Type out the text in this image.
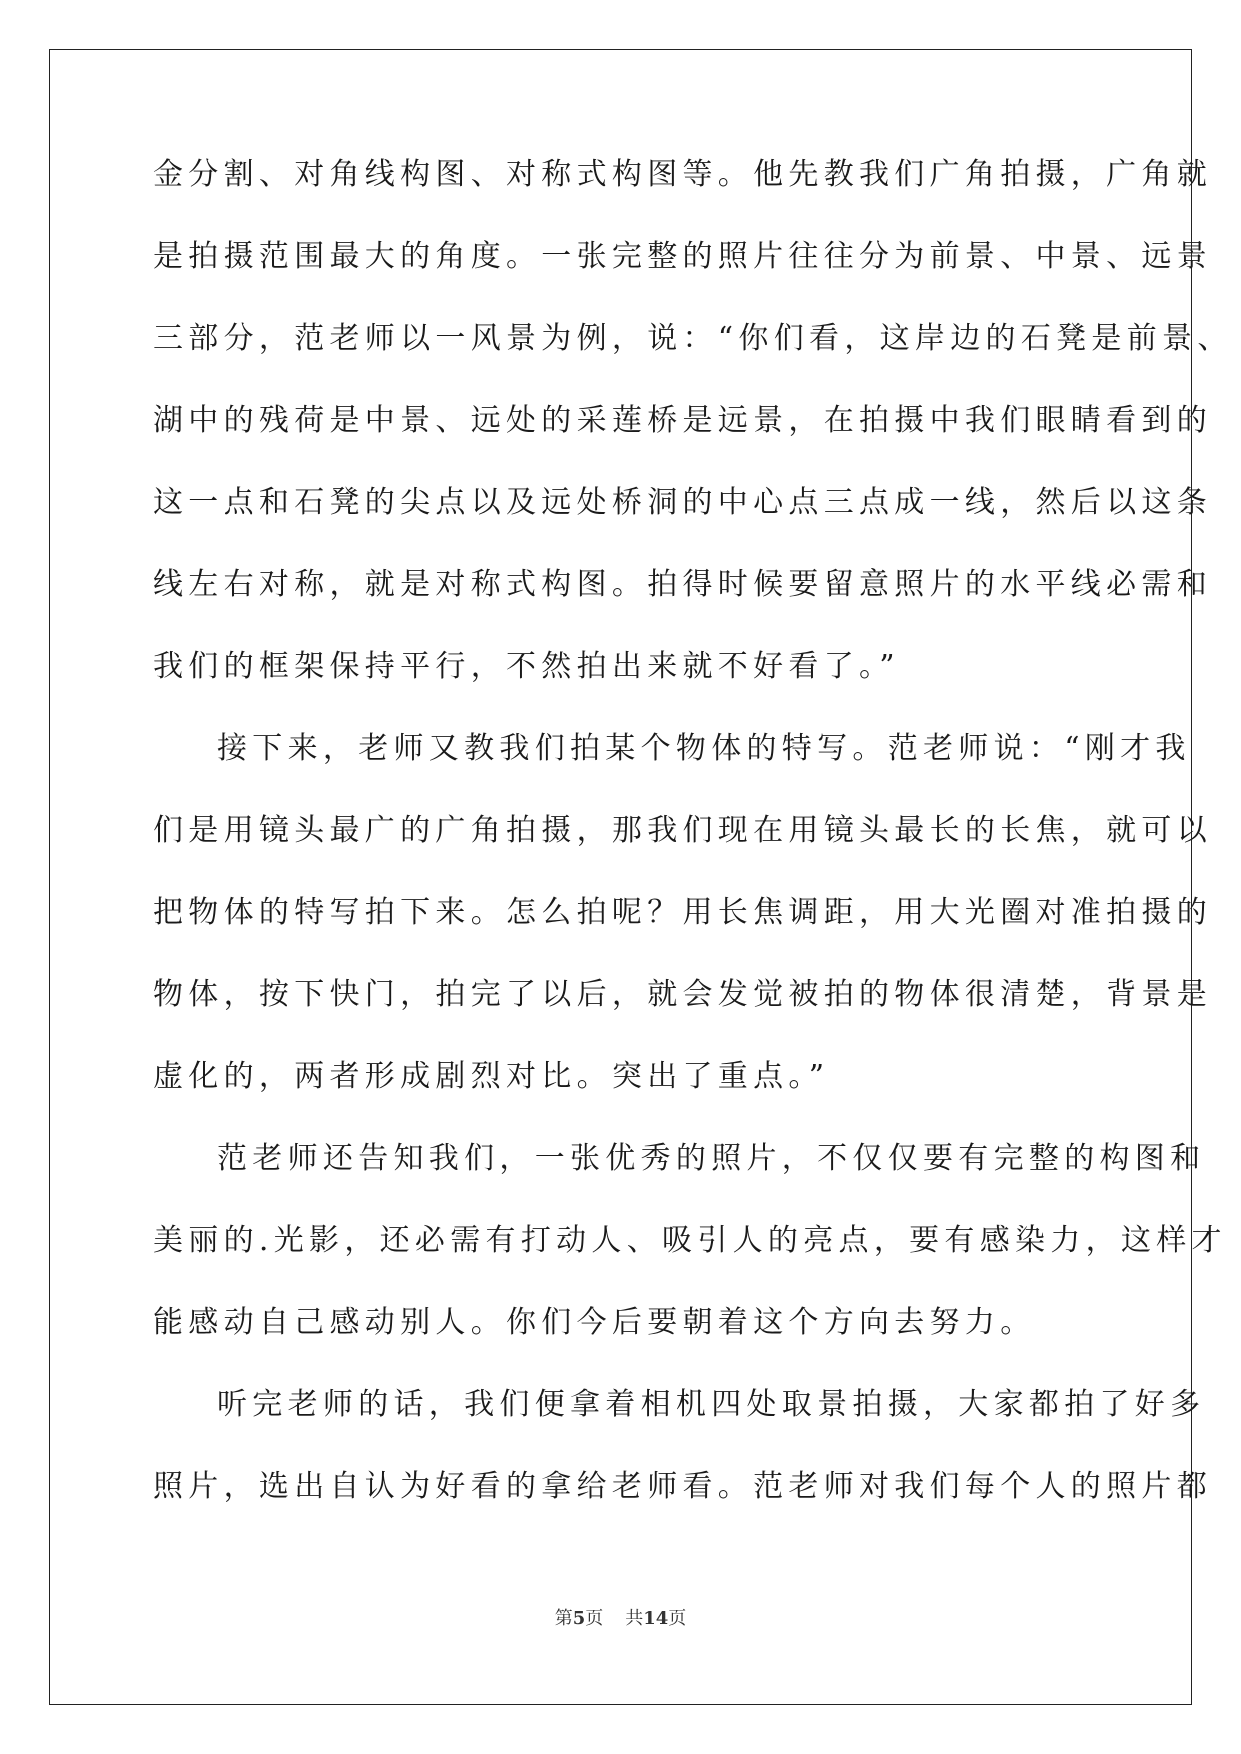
金分割、对角线构图、对称式构图等。他先教我们广角拍摄，广角就
是拍摄范围最大的角度。一张完整的照片往往分为前景、中景、远景
三部分，范老师以一风景为例，说：“你们看，这岸边的石凳是前景、
湖中的残荷是中景、远处的采莲桥是远景，在拍摄中我们眼睛看到的
这一点和石凳的尖点以及远处桥洞的中心点三点成一线，然后以这条
线左右对称，就是对称式构图。拍得时候要留意照片的水平线必需和
我们的框架保持平行，不然拍出来就不好看了。”
接下来，老师又教我们拍某个物体的特写。范老师说：“刚才我
们是用镜头最广的广角拍摄，那我们现在用镜头最长的长焦，就可以
把物体的特写拍下来。怎么拍呢？用长焦调距，用大光圈对准拍摄的
物体，按下快门，拍完了以后，就会发觉被拍的物体很清楚，背景是
虚化的，两者形成剧烈对比。突出了重点。”
范老师还告知我们，一张优秀的照片，不仅仅要有完整的构图和
美丽的.光影，还必需有打动人、吸引人的亮点，要有感染力，这样才
能感动自己感动别人。你们今后要朝着这个方向去努力。
听完老师的话，我们便拿着相机四处取景拍摄，大家都拍了好多
照片，选出自认为好看的拿给老师看。范老师对我们每个人的照片都
第5页 共14页
